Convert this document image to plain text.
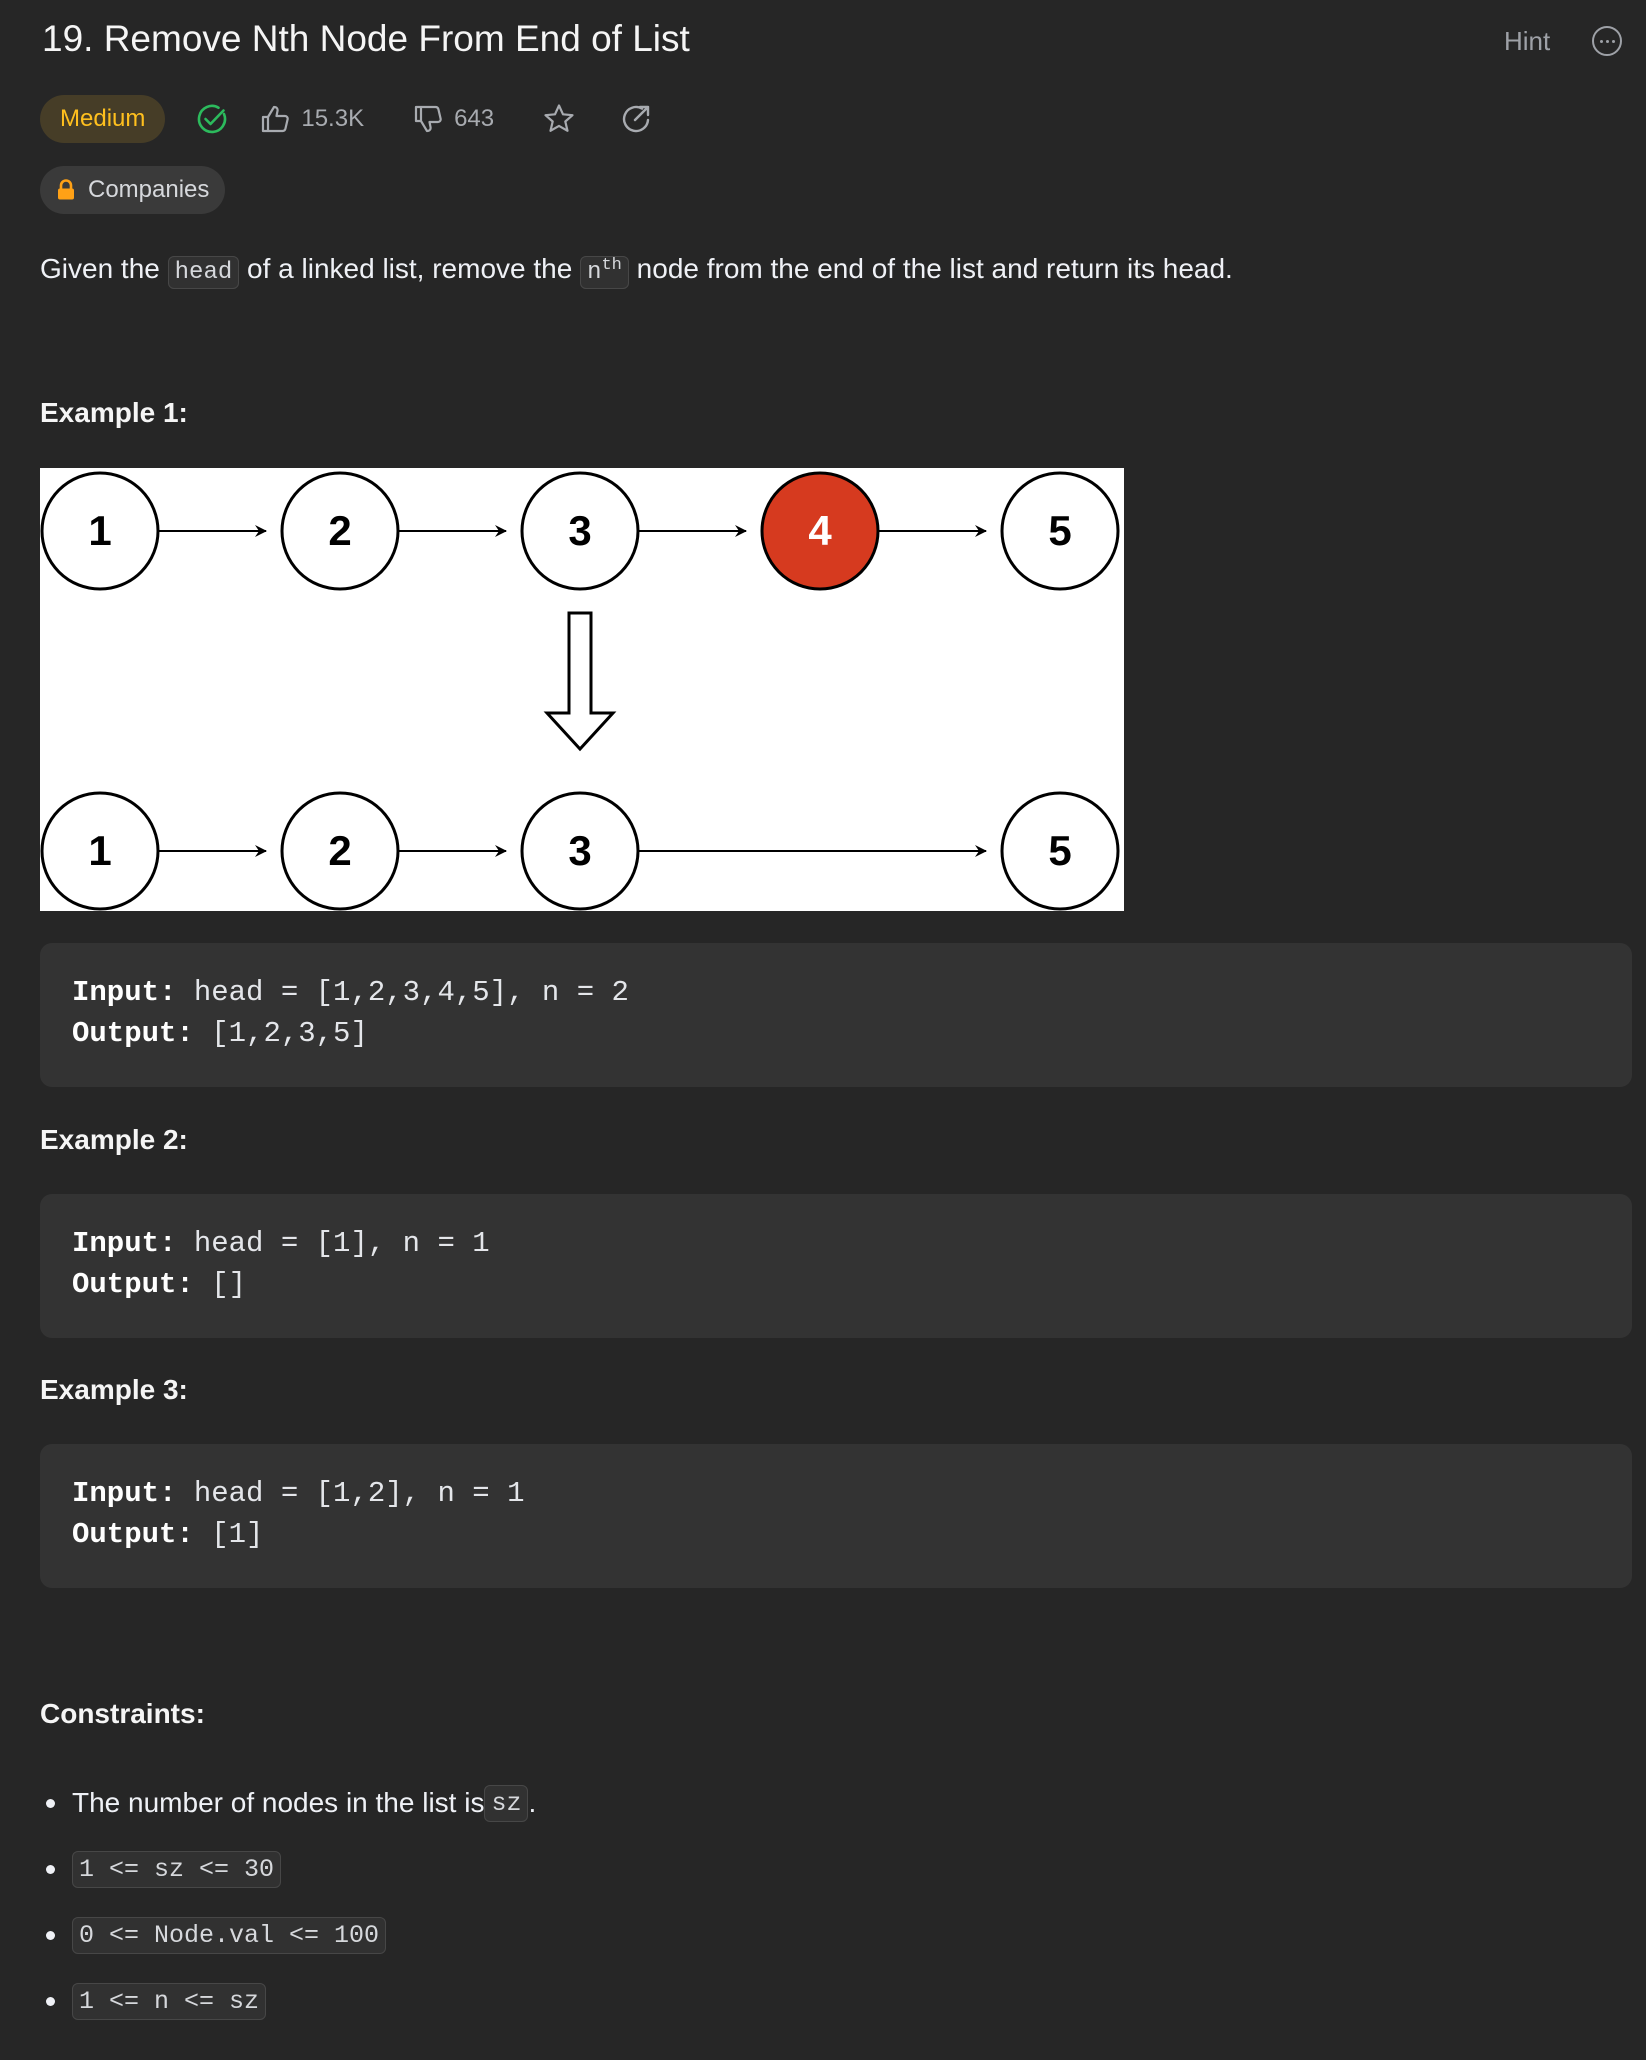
19. Remove Nth Node From End of List	Hint
Medium	15.3K	643
Companies
Given the head of a linked list, remove the $n^{th}$ node from the end of the list and return its head.
Example 1:
1	2	3	4	5
1	2	3	5
Input: head = [1,2,3,4,5], n = 2
Output: [1,2,3,5]
Example 2:
Input: head = [1], n = 1
Output: []
Example 3:
Input: head = [1,2], n = 1
Output: [1]
Constraints:
The number of nodes in the list is sz .
1 <= sz <= 30
0 <= Node.val <= 100
1 <= n <= sz
